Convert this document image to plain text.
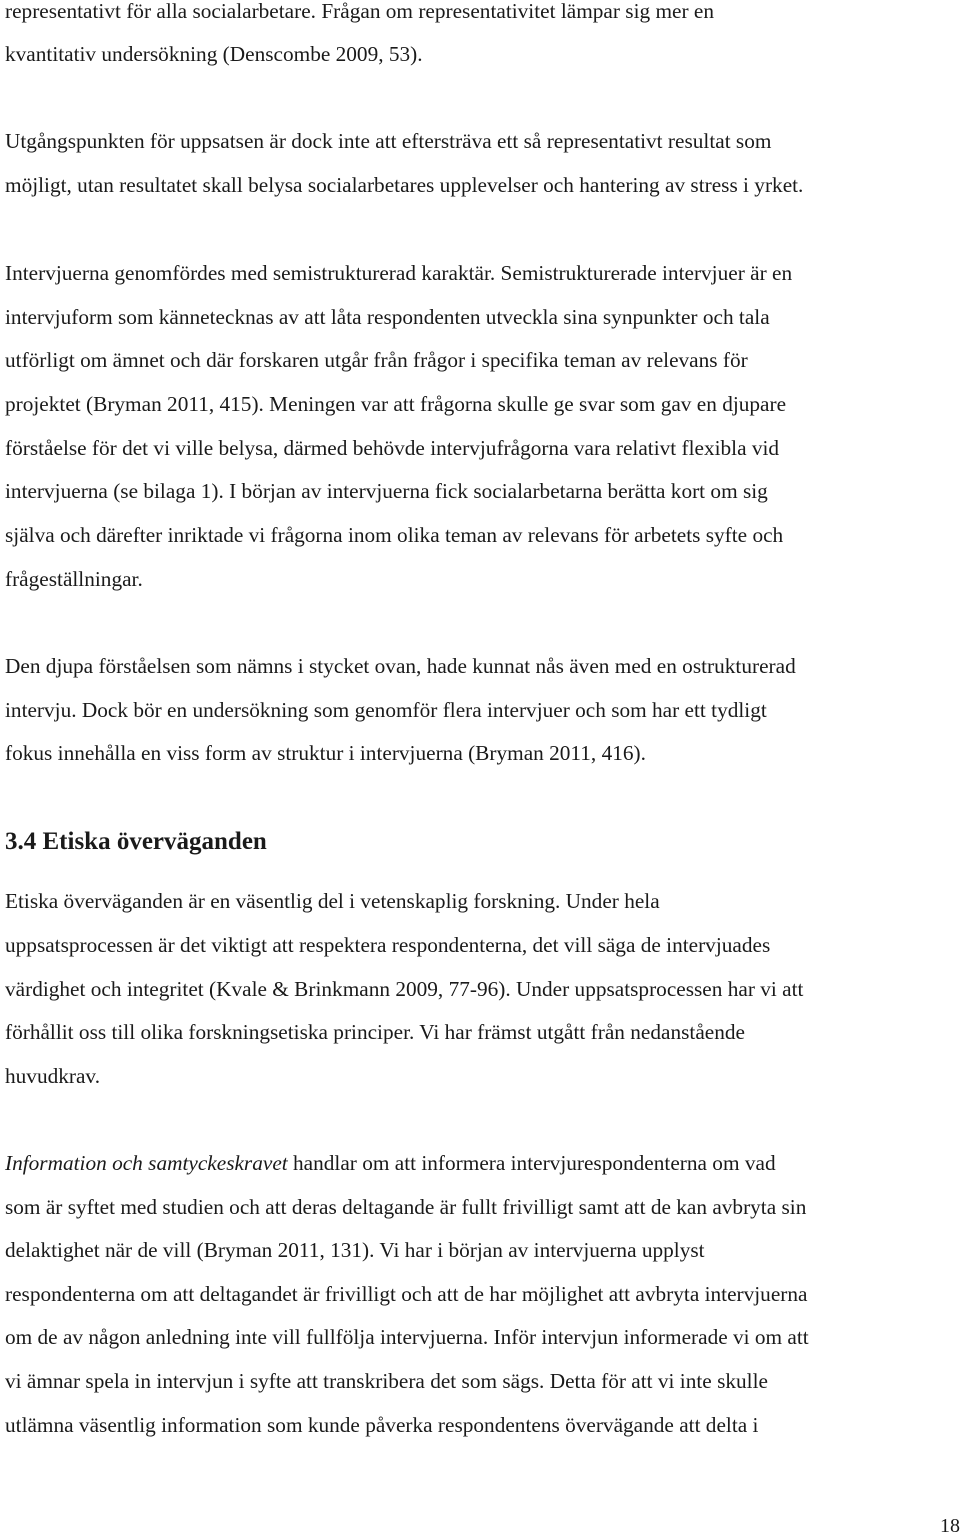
representativt för alla socialarbetare. Frågan om representativitet lämpar sig mer en

kvantitativ undersökning (Denscombe 2009, 53).

Utgångspunkten för uppsatsen är dock inte att eftersträva ett så representativt resultat som

möjligt, utan resultatet skall belysa socialarbetares upplevelser och hantering av stress i yrket.

Intervjuerna genomfördes med semistrukturerad karaktär. Semistrukturerade intervjuer är en

intervjuform som kännetecknas av att låta respondenten utveckla sina synpunkter och tala

utförligt om ämnet och där forskaren utgår från frågor i specifika teman av relevans för

projektet (Bryman 2011, 415). Meningen var att frågorna skulle ge svar som gav en djupare

förståelse för det vi ville belysa, därmed behövde intervjufrågorna vara relativt flexibla vid

intervjuerna (se bilaga 1). I början av intervjuerna fick socialarbetarna berätta kort om sig

själva och därefter inriktade vi frågorna inom olika teman av relevans för arbetets syfte och

frågeställningar.

Den djupa förståelsen som nämns i stycket ovan, hade kunnat nås även med en ostrukturerad

intervju. Dock bör en undersökning som genomför flera intervjuer och som har ett tydligt

fokus innehålla en viss form av struktur i intervjuerna (Bryman 2011, 416).

3.4 Etiska överväganden

Etiska överväganden är en väsentlig del i vetenskaplig forskning. Under hela

uppsatsprocessen är det viktigt att respektera respondenterna, det vill säga de intervjuades

värdighet och integritet (Kvale & Brinkmann 2009, 77-96). Under uppsatsprocessen har vi att

förhållit oss till olika forskningsetiska principer. Vi har främst utgått från nedanstående

huvudkrav.

Information och samtyckeskravet handlar om att informera intervjurespondenterna om vad

som är syftet med studien och att deras deltagande är fullt frivilligt samt att de kan avbryta sin

delaktighet när de vill (Bryman 2011, 131). Vi har i början av intervjuerna upplyst

respondenterna om att deltagandet är frivilligt och att de har möjlighet att avbryta intervjuerna

om de av någon anledning inte vill fullfölja intervjuerna. Inför intervjun informerade vi om att

vi ämnar spela in intervjun i syfte att transkribera det som sägs. Detta för att vi inte skulle

utlämna väsentlig information som kunde påverka respondentens övervägande att delta i

18
